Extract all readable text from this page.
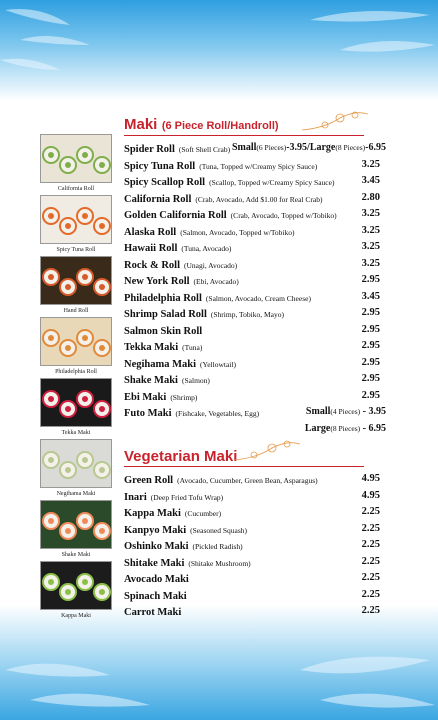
California Roll
Spicy Tuna Roll
Hand Roll
Philadelphia Roll
Tekka Maki
Negihama Maki
Shake Maki
Kappa Maki
Maki (6 Piece Roll/Handroll)
Spider Roll (Soft Shell Crab) Small(6 Pieces)-3.95/Large(8 Pieces)-6.95
Spicy Tuna Roll (Tuna, Topped w/Creamy Spicy Sauce)	3.25
Spicy Scallop Roll (Scallop, Topped w/Creamy Spicy Sauce)	3.45
California Roll (Crab, Avocado, Add $1.00 for Real Crab)	2.80
Golden California Roll (Crab, Avocado, Topped w/Tobiko) 3.25
Alaska Roll (Salmon, Avocado, Topped w/Tobiko)	3.25
Hawaii Roll (Tuna, Avocado)	3.25
Rock & Roll (Unagi, Avocado)	3.25
New York Roll (Ebi, Avocado)	2.95
Philadelphia Roll (Salmon, Avocado, Cream Cheese)	3.45
Shrimp Salad Roll (Shrimp, Tobiko, Mayo)	2.95
Salmon Skin Roll	2.95
Tekka Maki (Tuna)	2.95
Negihama Maki (Yellowtail)	2.95
Shake Maki (Salmon)	2.95
Ebi Maki (Shrimp)	2.95
Futo Maki (Fishcake, Vegetables, Egg)	Small(4 Pieces) - 3.95
Large(8 Pieces) - 6.95
Vegetarian Maki
Green Roll (Avocado, Cucumber, Green Bean, Asparagus)	4.95
Inari (Deep Fried Tofu Wrap)	4.95
Kappa Maki (Cucumber)	2.25
Kanpyo Maki (Seasoned Squash)	2.25
Oshinko Maki (Pickled Radish)	2.25
Shitake Maki (Shitake Mushroom)	2.25
Avocado Maki	2.25
Spinach Maki	2.25
Carrot Maki	2.25
